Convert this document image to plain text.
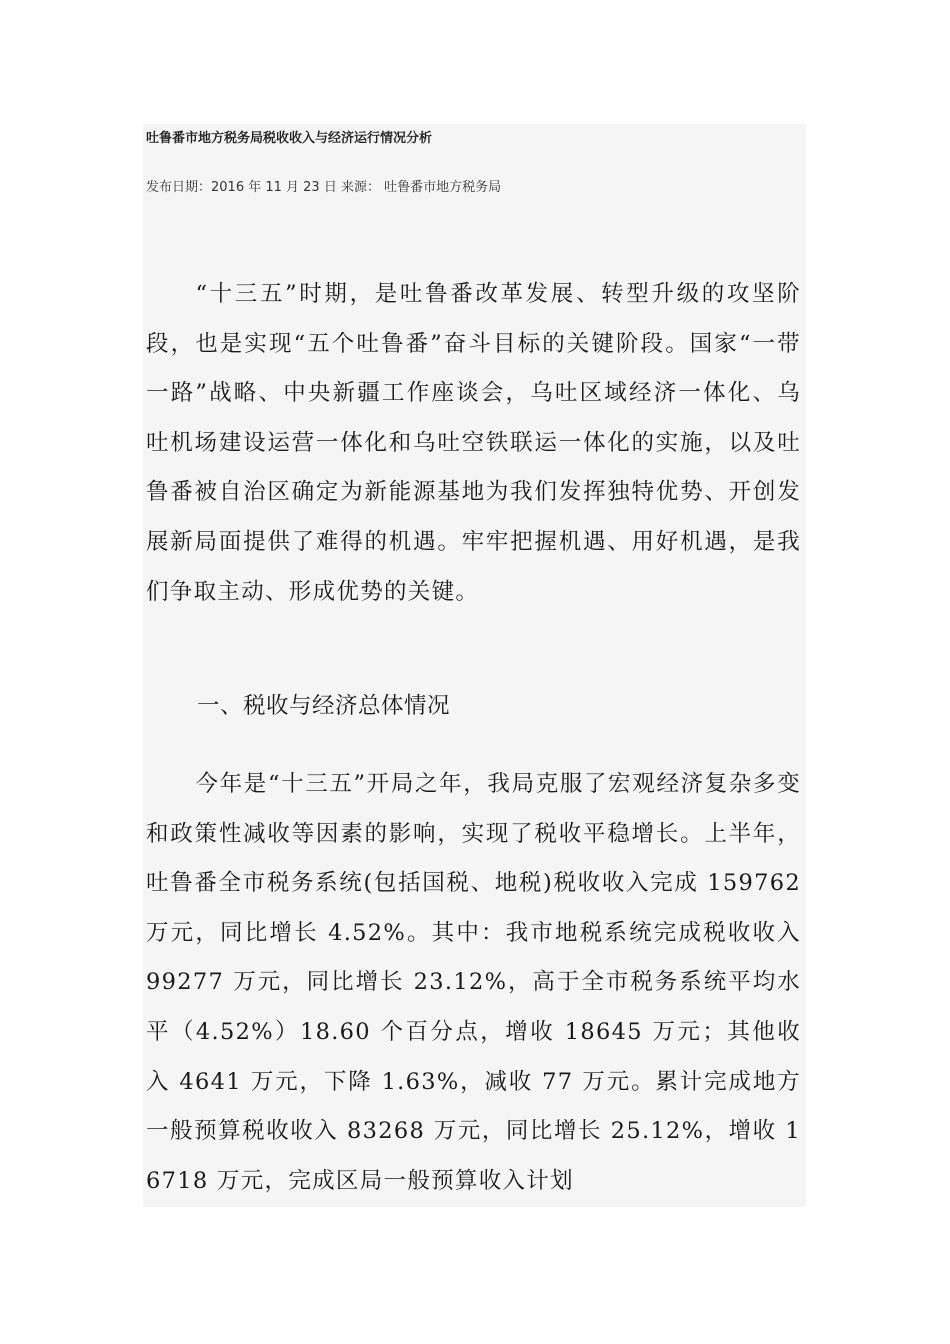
吐鲁番市地方税务局税收收入与经济运行情况分析
发布日期：2016 年 11 月 23 日 来源： 吐鲁番市地方税务局

“十三五”时期，是吐鲁番改革发展、转型升级的攻坚阶段，也是实现“五个吐鲁番”奋斗目标的关键阶段。国家“一带一路”战略、中央新疆工作座谈会，乌吐区域经济一体化、乌吐机场建设运营一体化和乌吐空铁联运一体化的实施，以及吐鲁番被自治区确定为新能源基地为我们发挥独特优势、开创发展新局面提供了难得的机遇。牢牢把握机遇、用好机遇，是我们争取主动、形成优势的关键。

一、税收与经济总体情况

今年是“十三五”开局之年，我局克服了宏观经济复杂多变和政策性减收等因素的影响，实现了税收平稳增长。上半年，吐鲁番全市税务系统(包括国税、地税)税收收入完成 159762 万元，同比增长 4.52%。其中：我市地税系统完成税收收入 99277 万元，同比增长 23.12%，高于全市税务系统平均水平（4.52%）18.60 个百分点，增收 18645 万元；其他收入 4641 万元，下降 1.63%，减收 77 万元。累计完成地方一般预算税收收入 83268 万元，同比增长 25.12%，增收 16718 万元，完成区局一般预算收入计划
